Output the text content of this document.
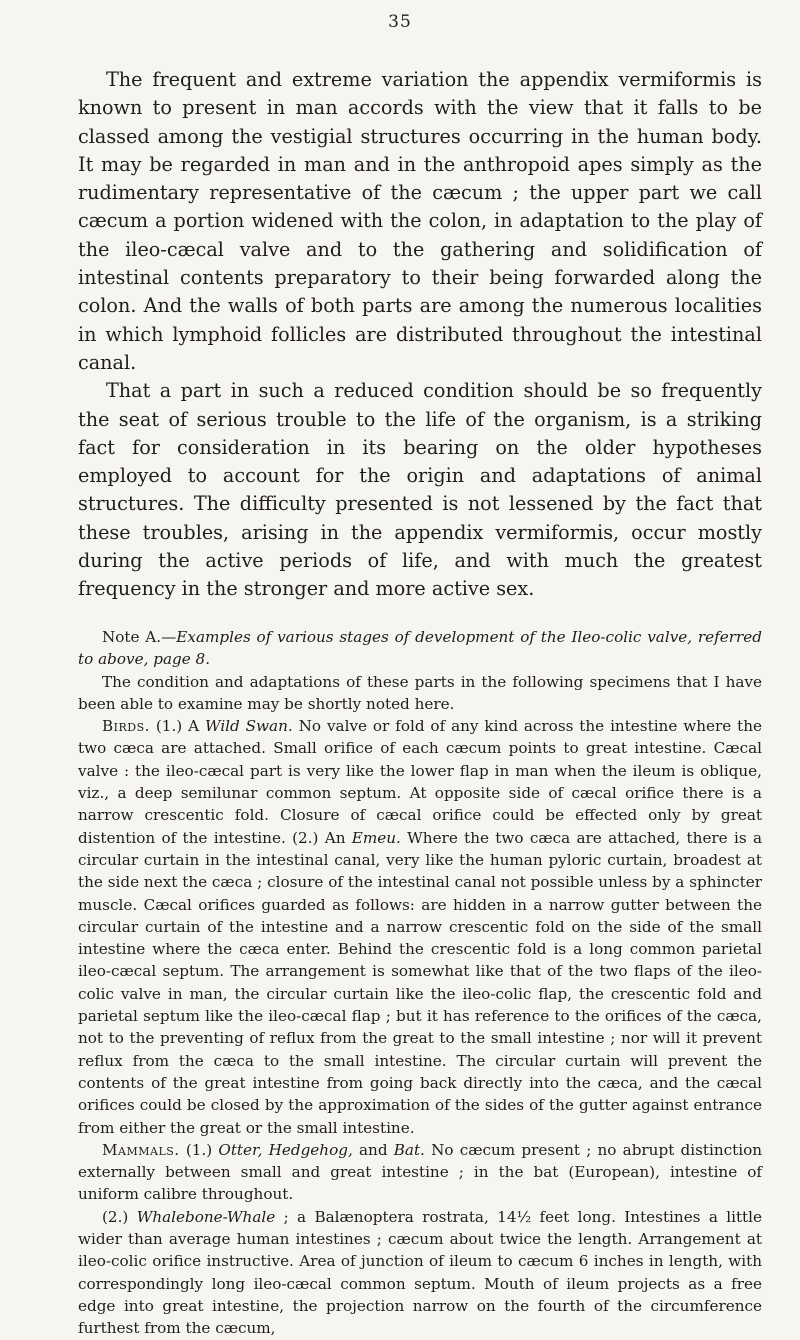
35

The frequent and extreme variation the appendix vermiformis is known to present in man accords with the view that it falls to be classed among the vestigial structures occurring in the human body. It may be regarded in man and in the anthropoid apes simply as the rudimentary representative of the cæcum ; the upper part we call cæcum a portion widened with the colon, in adaptation to the play of the ileo-cæcal valve and to the gathering and solidification of intestinal contents preparatory to their being forwarded along the colon. And the walls of both parts are among the numerous localities in which lymphoid follicles are distributed throughout the intestinal canal.

That a part in such a reduced condition should be so frequently the seat of serious trouble to the life of the organism, is a striking fact for consideration in its bearing on the older hypotheses employed to account for the origin and adaptations of animal structures. The difficulty presented is not lessened by the fact that these troubles, arising in the appendix vermiformis, occur mostly during the active periods of life, and with much the greatest frequency in the stronger and more active sex.

Note A.—Examples of various stages of development of the Ileo-colic valve, referred to above, page 8.

The condition and adaptations of these parts in the following specimens that I have been able to examine may be shortly noted here.

Birds. (1.) A Wild Swan. No valve or fold of any kind across the intestine where the two cæca are attached. Small orifice of each cæcum points to great intestine. Cæcal valve : the ileo-cæcal part is very like the lower flap in man when the ileum is oblique, viz., a deep semilunar common septum. At opposite side of cæcal orifice there is a narrow crescentic fold. Closure of cæcal orifice could be effected only by great distention of the intestine. (2.) An Emeu. Where the two cæca are attached, there is a circular curtain in the intestinal canal, very like the human pyloric curtain, broadest at the side next the cæca ; closure of the intestinal canal not possible unless by a sphincter muscle. Cæcal orifices guarded as follows: are hidden in a narrow gutter between the circular curtain of the intestine and a narrow crescentic fold on the side of the small intestine where the cæca enter. Behind the crescentic fold is a long common parietal ileo-cæcal septum. The arrangement is somewhat like that of the two flaps of the ileo-colic valve in man, the circular curtain like the ileo-colic flap, the crescentic fold and parietal septum like the ileo-cæcal flap ; but it has reference to the orifices of the cæca, not to the preventing of reflux from the great to the small intestine ; nor will it prevent reflux from the cæca to the small intestine. The circular curtain will prevent the contents of the great intestine from going back directly into the cæca, and the cæcal orifices could be closed by the approximation of the sides of the gutter against entrance from either the great or the small intestine.

Mammals. (1.) Otter, Hedgehog, and Bat. No cæcum present ; no abrupt distinction externally between small and great intestine ; in the bat (European), intestine of uniform calibre throughout.

(2.) Whalebone-Whale ; a Balænoptera rostrata, 14½ feet long. Intestines a little wider than average human intestines ; cæcum about twice the length. Arrangement at ileo-colic orifice instructive. Area of junction of ileum to cæcum 6 inches in length, with correspondingly long ileo-cæcal common septum. Mouth of ileum projects as a free edge into great intestine, the projection narrow on the fourth of the circumference furthest from the cæcum,
